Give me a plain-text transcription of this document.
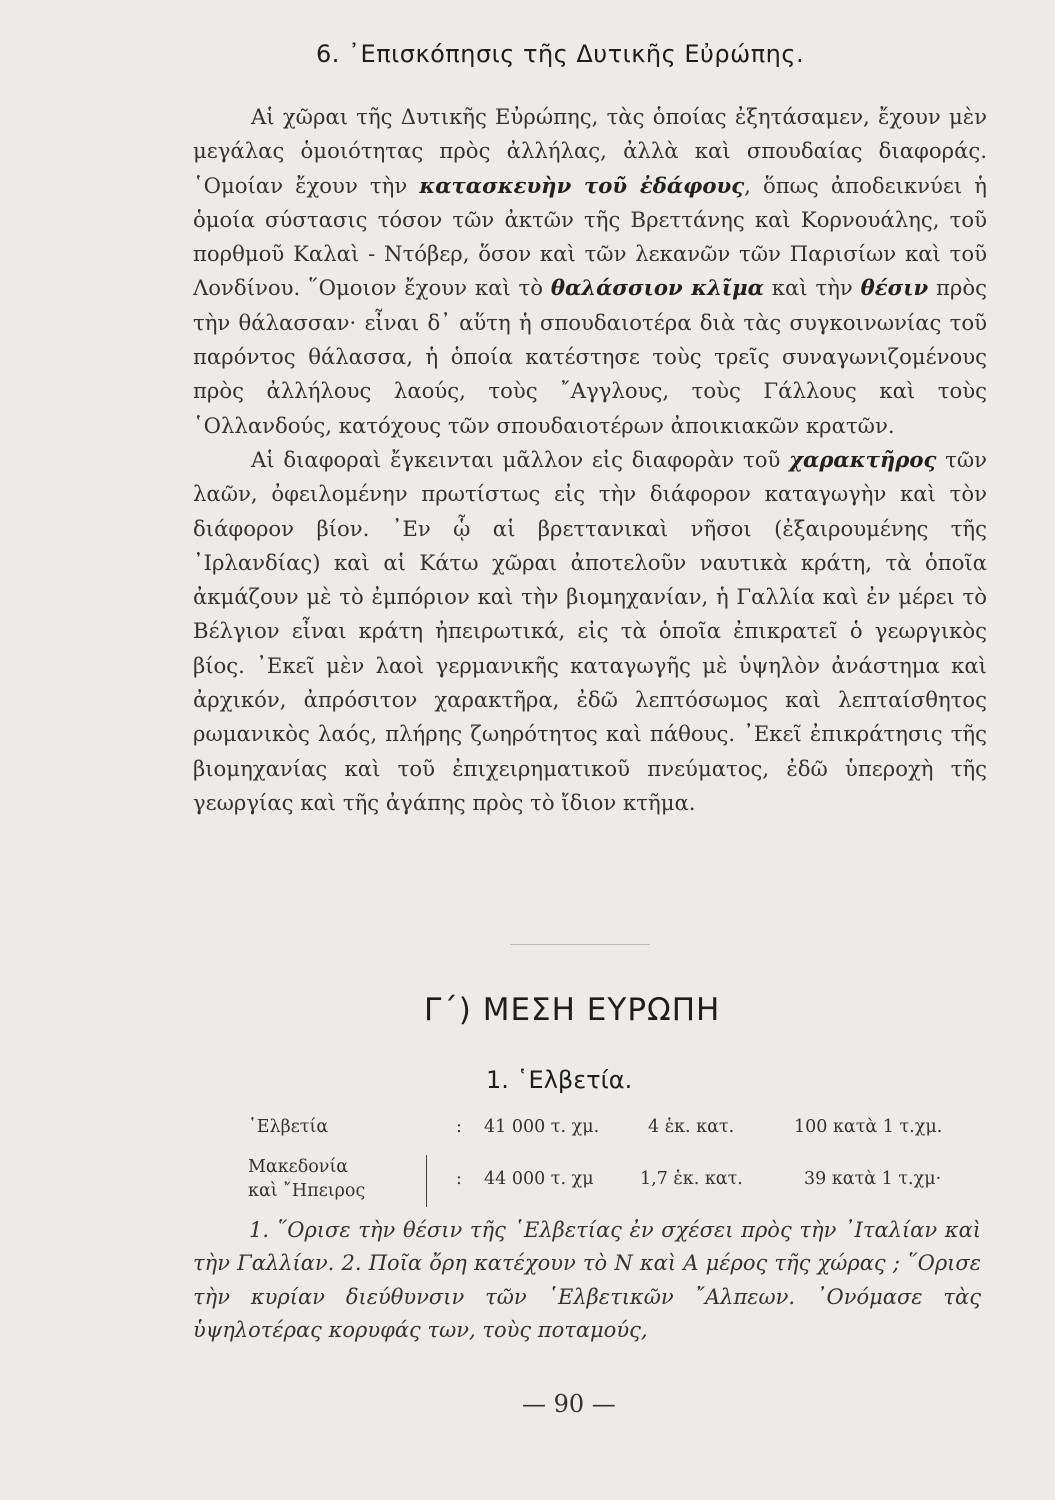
6. ᾿Επισκόπησις τῆς Δυτικῆς Εὐρώπης.

Αἱ χῶραι τῆς Δυτικῆς Εὐρώπης, τὰς ὁποίας ἐξητάσαμεν, ἔχουν μὲν μεγάλας ὁμοιότητας πρὸς ἀλλήλας, ἀλλὰ καὶ σπουδαίας διαφοράς. ῾Ομοίαν ἔχουν τὴν κατασκευὴν τοῦ ἐδάφους, ὅπως ἀποδεικνύει ἡ ὁμοία σύστασις τόσον τῶν ἀκτῶν τῆς Βρεττάνης καὶ Κορνουάλης, τοῦ πορθμοῦ Καλαὶ - Ντόβερ, ὅσον καὶ τῶν λεκανῶν τῶν Παρισίων καὶ τοῦ Λονδίνου. ῞Ομοιον ἔχουν καὶ τὸ θαλάσσιον κλῖμα καὶ τὴν θέσιν πρὸς τὴν θάλασσαν· εἶναι δ᾿ αὕτη ἡ σπουδαιοτέρα διὰ τὰς συγκοινωνίας τοῦ παρόντος θάλασσα, ἡ ὁποία κατέστησε τοὺς τρεῖς συναγωνιζομένους πρὸς ἀλλήλους λαούς, τοὺς ῎Αγγλους, τοὺς Γάλλους καὶ τοὺς ῾Ολλανδούς, κατόχους τῶν σπουδαιοτέρων ἀποικιακῶν κρατῶν.

Αἱ διαφοραὶ ἔγκεινται μᾶλλον εἰς διαφορὰν τοῦ χαρακτῆρος τῶν λαῶν, ὀφειλομένην πρωτίστως εἰς τὴν διάφορον καταγωγὴν καὶ τὸν διάφορον βίον. ᾿Εν ᾧ αἱ βρεττανικαὶ νῆσοι (ἐξαιρουμένης τῆς ᾿Ιρλανδίας) καὶ αἱ Κάτω χῶραι ἀποτελοῦν ναυτικὰ κράτη, τὰ ὁποῖα ἀκμάζουν μὲ τὸ ἐμπόριον καὶ τὴν βιομηχανίαν, ἡ Γαλλία καὶ ἐν μέρει τὸ Βέλγιον εἶναι κράτη ἠπειρωτικά, εἰς τὰ ὁποῖα ἐπικρατεῖ ὁ γεωργικὸς βίος. ᾿Εκεῖ μὲν λαοὶ γερμανικῆς καταγωγῆς μὲ ὑψηλὸν ἀνάστημα καὶ ἀρχικόν, ἀπρόσιτον χαρακτῆρα, ἐδῶ λεπτόσωμος καὶ λεπταίσθητος ρωμανικὸς λαός, πλήρης ζωηρότητος καὶ πάθους. ᾿Εκεῖ ἐπικράτησις τῆς βιομηχανίας καὶ τοῦ ἐπιχειρηματικοῦ πνεύματος, ἐδῶ ὑπεροχὴ τῆς γεωργίας καὶ τῆς ἀγάπης πρὸς τὸ ἴδιον κτῆμα.

Γ΄) ΜΕΣΗ ΕΥΡΩΠΗ
1. ῾Ελβετία.
῾Ελβετία	: 41 000 τ. χμ.	4 ἑκ. κατ.	100 κατὰ 1 τ.χμ.
Μακεδονία
καὶ ῎Ηπειρος
: 44 000 τ. χμ	1,7 ἑκ. κατ.	39 κατὰ 1 τ.χμ·

1. ῞Ορισε τὴν θέσιν τῆς ῾Ελβετίας ἐν σχέσει πρὸς τὴν ᾿Ιταλίαν καὶ τὴν Γαλλίαν. 2. Ποῖα ὄρη κατέχουν τὸ Ν καὶ Α μέρος τῆς χώρας ; ῞Ορισε τὴν κυρίαν διεύθυνσιν τῶν ῾Ελβετικῶν ῎Αλπεων. ᾿Ονόμασε τὰς ὑψηλοτέρας κορυφάς των, τοὺς ποταμούς,

— 90 —
